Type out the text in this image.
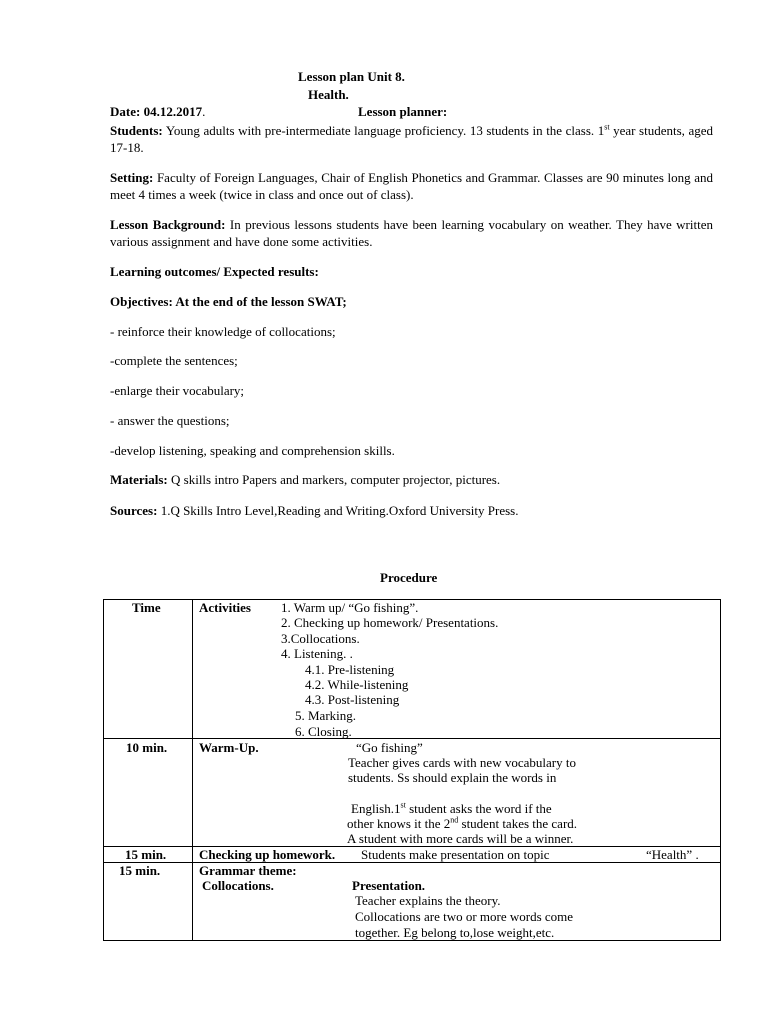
Lesson plan Unit 8.
Health.
Date: 04.12.2017.	Lesson planner:
Students: Young adults with pre-intermediate language proficiency. 13 students in the class. 1st year students, aged 17-18.
Setting: Faculty of Foreign Languages, Chair of English Phonetics and Grammar. Classes are 90 minutes long and meet 4 times a week (twice in class and once out of class).
Lesson Background: In previous lessons students have been learning vocabulary on weather. They have written various assignment and have done some activities.
Learning outcomes/ Expected results:
Objectives: At the end of the lesson SWAT;
- reinforce their knowledge of collocations;
-complete the sentences;
-enlarge their vocabulary;
- answer the questions;
-develop listening, speaking and comprehension skills.
Materials: Q skills intro Papers and markers, computer projector, pictures.
Sources: 1.Q Skills Intro Level,Reading and Writing.Oxford University Press.
Procedure
Time	Activities 1. Warm up/ “Go fishing”.
2. Checking up homework/ Presentations.
3.Collocations.
4. Listening. .
4.1. Pre-listening
4.2. While-listening
4.3. Post-listening
5. Marking.
6. Closing.
10 min. Warm-Up.	“Go fishing”
Teacher gives cards with new vocabulary to
students. Ss should explain the words in
English.1st student asks the word if the
other knows it the 2nd student takes the card.
A student with more cards will be a winner.
15 min.	Checking up homework. Students make presentation on topic	“Health” .
15 min.	Grammar theme:
Collocations.	Presentation.
Teacher explains the theory.
Collocations are two or more words come
together. Eg belong to,lose weight,etc.
